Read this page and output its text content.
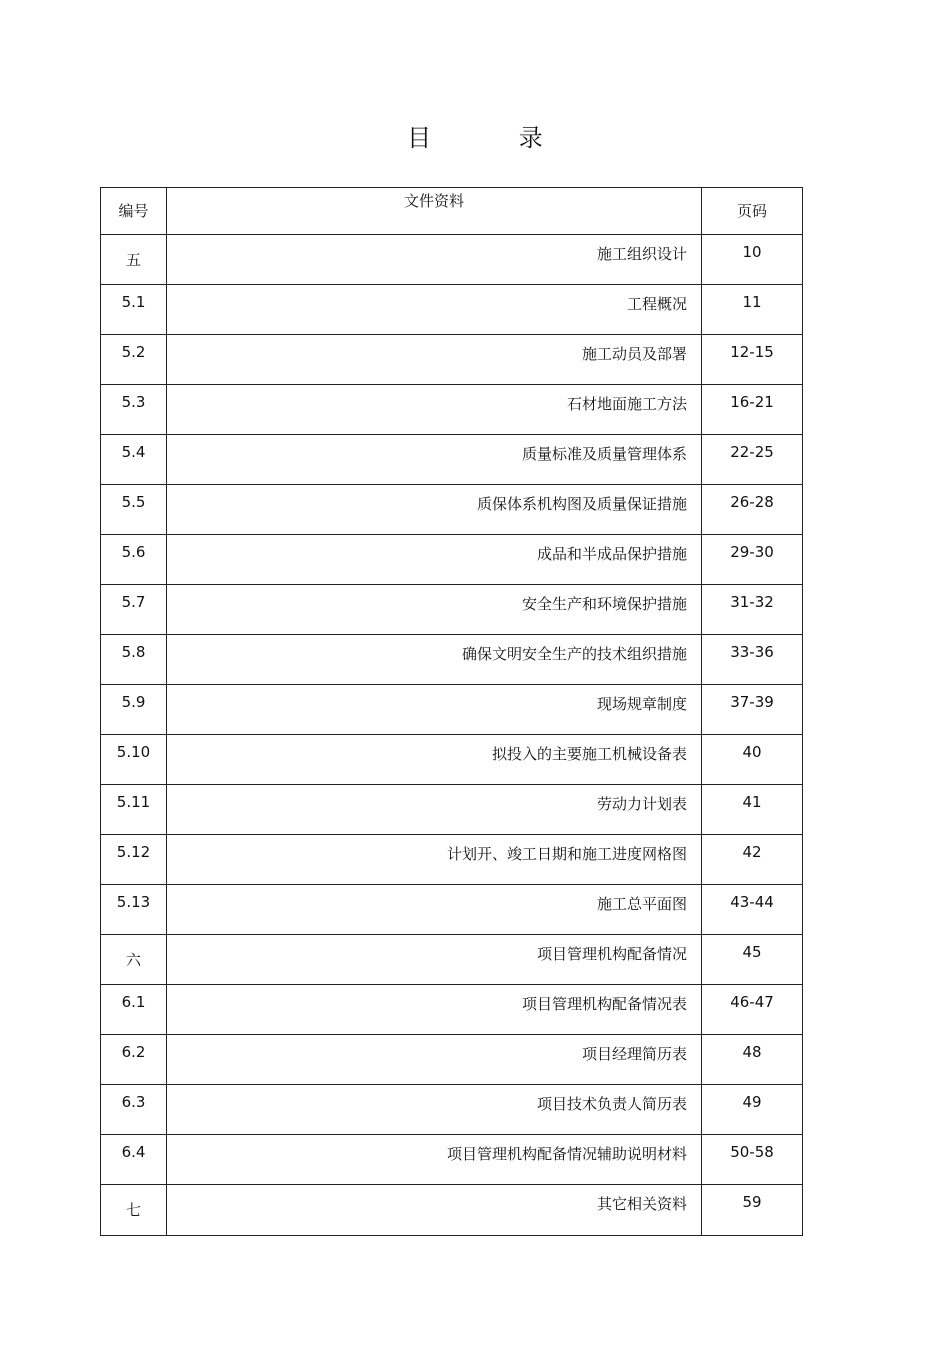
目 录
编号	文件资料	页码

五	施工组织设计	10

5.1	工程概况	11

5.2	施工动员及部署	12-15

5.3	石材地面施工方法	16-21

5.4	质量标准及质量管理体系	22-25

5.5	质保体系机构图及质量保证措施	26-28

5.6	成品和半成品保护措施	29-30

5.7	安全生产和环境保护措施	31-32

5.8	确保文明安全生产的技术组织措施	33-36

5.9	现场规章制度	37-39

5.10	拟投入的主要施工机械设备表	40

5.11	劳动力计划表	41

5.12	计划开、竣工日期和施工进度网格图	42

5.13	施工总平面图	43-44

六	项目管理机构配备情况	45

6.1	项目管理机构配备情况表	46-47

6.2	项目经理简历表	48

6.3	项目技术负责人简历表	49

6.4	项目管理机构配备情况辅助说明材料	50-58

七	其它相关资料	59
